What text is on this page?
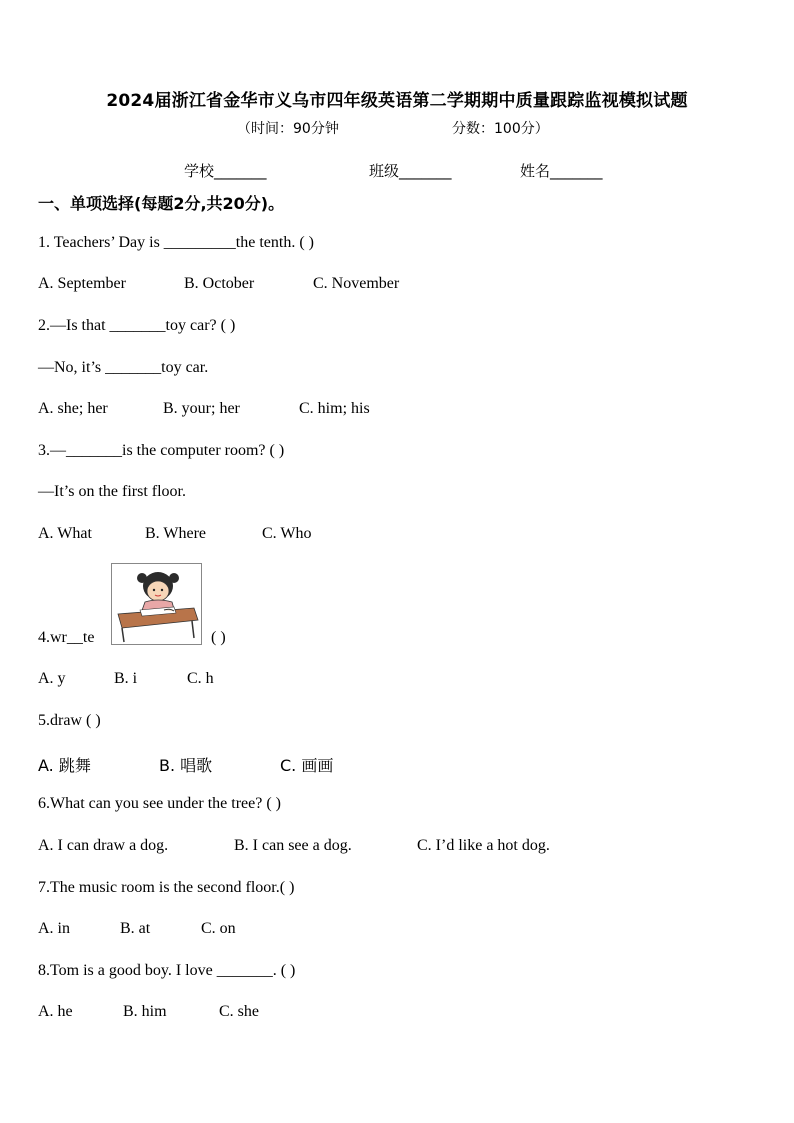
2024届浙江省金华市义乌市四年级英语第二学期期中质量跟踪监视模拟试题
（时间：90分钟	分数：100分）
学校_______	班级_______	姓名_______
一、单项选择(每题2分,共20分)。
1. Teachers’ Day is _________the tenth. ( )
A. September	B. October	C. November
2.—Is that _______toy car? ( )
—No, it’s _______toy car.
A. she; her	B. your; her	C. him; his
3.—_______is the computer room? ( )
—It’s on the first floor.
A. What	B. Where	C. Who
4.wr__te	( )
A. y	B. i	C. h
5.draw ( )
A. 跳舞	B. 唱歌	C. 画画
6.What can you see under the tree? ( )
A. I can draw a dog.	B. I can see a dog.	C. I’d like a hot dog.
7.The music room is the second floor.( )
A. in	B. at	C. on
8.Tom is a good boy. I love _______. ( )
A. he	B. him	C. she
